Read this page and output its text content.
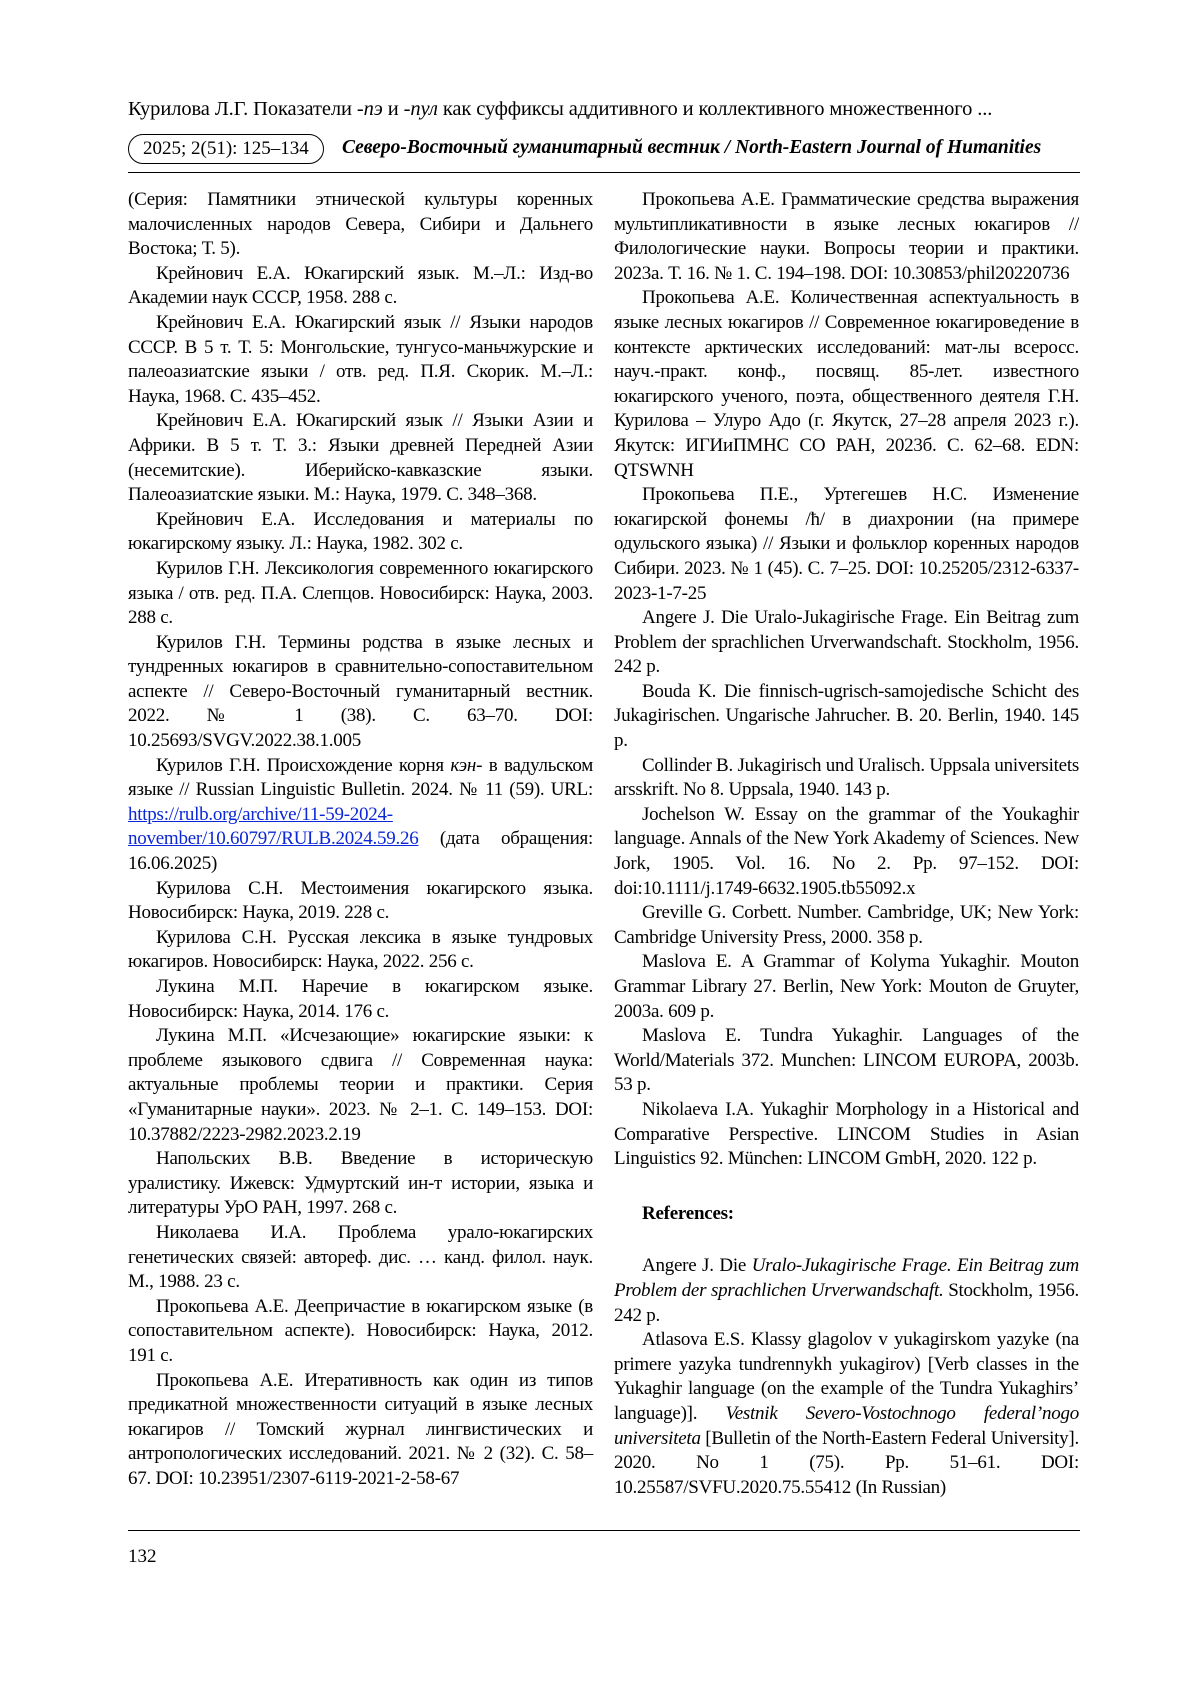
Курилова Л.Г. Показатели -пэ и -пул как суффиксы аддитивного и коллективного множественного ...
2025; 2(51): 125–134	Северо-Восточный гуманитарный вестник / North-Eastern Journal of Humanities

(Серия: Памятники этнической культуры коренных малочисленных народов Севера, Сибири и Дальнего Востока; Т. 5).

Крейнович Е.А. Юкагирский язык. М.–Л.: Изд-во Академии наук СССР, 1958. 288 с.

Крейнович Е.А. Юкагирский язык // Языки народов СССР. В 5 т. Т. 5: Монгольские, тунгусо-маньчжурские и палеоазиатские языки / отв. ред. П.Я. Скорик. М.–Л.: Наука, 1968. С. 435–452.

Крейнович Е.А. Юкагирский язык // Языки Азии и Африки. В 5 т. Т. 3.: Языки древней Передней Азии (несемитские). Иберийско-кавказские языки. Палеоазиатские языки. М.: Наука, 1979. С. 348–368.

Крейнович Е.А. Исследования и материалы по юкагирскому языку. Л.: Наука, 1982. 302 с.

Курилов Г.Н. Лексикология современного юкагирского языка / отв. ред. П.А. Слепцов. Новосибирск: Наука, 2003. 288 с.

Курилов Г.Н. Термины родства в языке лесных и тундренных юкагиров в сравнительно-сопоставительном аспекте // Северо-Восточный гуманитарный вестник. 2022. № 1 (38). С. 63–70. DOI: 10.25693/SVGV.2022.38.1.005

Курилов Г.Н. Происхождение корня кэн- в вадульском языке // Russian Linguistic Bulletin. 2024. № 11 (59). URL: https://rulb.org/archive/11-59-2024-november/10.60797/RULB.2024.59.26 (дата обращения: 16.06.2025)

Курилова С.Н. Местоимения юкагирского языка. Новосибирск: Наука, 2019. 228 с.

Курилова С.Н. Русская лексика в языке тундровых юкагиров. Новосибирск: Наука, 2022. 256 с.

Лукина М.П. Наречие в юкагирском языке. Новосибирск: Наука, 2014. 176 с.

Лукина М.П. «Исчезающие» юкагирские языки: к проблеме языкового сдвига // Современная наука: актуальные проблемы теории и практики. Серия «Гуманитарные науки». 2023. № 2–1. С. 149–153. DOI: 10.37882/2223-2982.2023.2.19

Напольских В.В. Введение в историческую уралистику. Ижевск: Удмуртский ин-т истории, языка и литературы УрО РАН, 1997. 268 с.

Николаева И.А. Проблема урало-юкагирских генетических связей: автореф. дис. … канд. филол. наук. М., 1988. 23 с.

Прокопьева А.Е. Деепричастие в юкагирском языке (в сопоставительном аспекте). Новосибирск: Наука, 2012. 191 с.

Прокопьева А.Е. Итеративность как один из типов предикатной множественности ситуаций в языке лесных юкагиров // Томский журнал лингвистических и антропологических исследований. 2021. № 2 (32). С. 58–67. DOI: 10.23951/2307-6119-2021-2-58-67

Прокопьева А.Е. Грамматические средства выражения мультипликативности в языке лесных юкагиров // Филологические науки. Вопросы теории и практики. 2023а. Т. 16. № 1. С. 194–198. DOI: 10.30853/phil20220736

Прокопьева А.Е. Количественная аспектуальность в языке лесных юкагиров // Современное юкагироведение в контексте арктических исследований: мат-лы всеросс. науч.-практ. конф., посвящ. 85-лет. известного юкагирского ученого, поэта, общественного деятеля Г.Н. Курилова – Улуро Адо (г. Якутск, 27–28 апреля 2023 г.). Якутск: ИГИиПМНС СО РАН, 2023б. С. 62–68. EDN: QTSWNH

Прокопьева П.Е., Уртегешев Н.С. Изменение юкагирской фонемы /ħ/ в диахронии (на примере одульского языка) // Языки и фольклор коренных народов Сибири. 2023. № 1 (45). С. 7–25. DOI: 10.25205/2312-6337-2023-1-7-25

Angere J. Die Uralo-Jukagirische Frage. Ein Beitrag zum Problem der sprachlichen Urverwandschaft. Stockholm, 1956. 242 p.

Bouda K. Die finnisch-ugrisch-samojedische Schicht des Jukagirischen. Ungarische Jahrucher. B. 20. Berlin, 1940. 145 p.

Collinder B. Jukagirisch und Uralisch. Uppsala universitets arsskrift. No 8. Uppsala, 1940. 143 p.

Jochelson W. Essay on the grammar of the Youkaghir language. Annals of the New York Akademy of Sciences. New Jork, 1905. Vol. 16. No 2. Pp. 97–152. DOI: doi:10.1111/j.1749-6632.1905.tb55092.x

Greville G. Corbett. Number. Cambridge, UK; New York: Cambridge University Press, 2000. 358 p.

Maslova E. A Grammar of Kolyma Yukaghir. Mouton Grammar Library 27. Berlin, New York: Mouton de Gruyter, 2003a. 609 p.

Maslova E. Tundra Yukaghir. Languages of the World/Materials 372. Munchen: LINCOM EUROPA, 2003b. 53 p.

Nikolaeva I.A. Yukaghir Morphology in a Historical and Comparative Perspective. LINCOM Studies in Asian Linguistics 92. München: LINCOM GmbH, 2020. 122 p.

References:

Angere J. Die Uralo-Jukagirische Frage. Ein Beitrag zum Problem der sprachlichen Urverwandschaft. Stockholm, 1956. 242 p.

Atlasova E.S. Klassy glagolov v yukagirskom yazyke (na primere yazyka tundrennykh yukagirov) [Verb classes in the Yukaghir language (on the example of the Tundra Yukaghirs’ language)]. Vestnik Severo-Vostochnogo federal’nogo universiteta [Bulletin of the North-Eastern Federal University]. 2020. No 1 (75). Pp. 51–61. DOI: 10.25587/SVFU.2020.75.55412 (In Russian)

132
